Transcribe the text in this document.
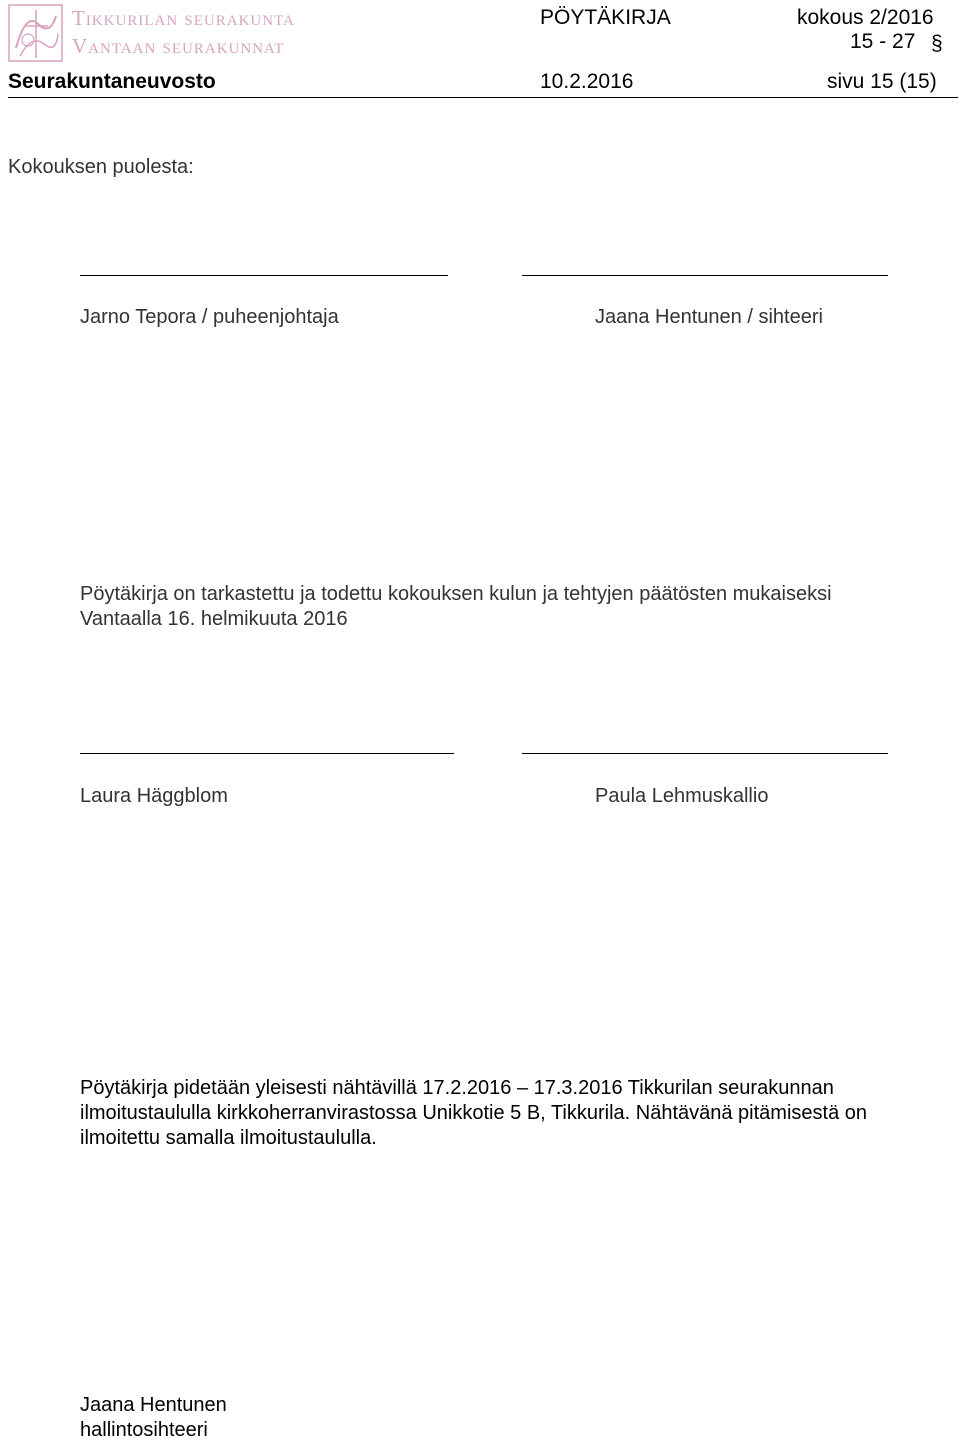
Tikkurilan seurakunta
Vantaan seurakunnat
PÖYTÄKIRJA	kokous 2/2016
15 - 27 §
Seurakuntaneuvosto	10.2.2016	sivu 15 (15)
Kokouksen puolesta:
Jarno Tepora / puheenjohtaja	Jaana Hentunen / sihteeri
Pöytäkirja on tarkastettu ja todettu kokouksen kulun ja tehtyjen päätösten mukaiseksi
Vantaalla 16. helmikuuta 2016
Laura Häggblom	Paula Lehmuskallio
Pöytäkirja pidetään yleisesti nähtävillä 17.2.2016 – 17.3.2016 Tikkurilan seurakunnan ilmoitustaululla kirkkoherranvirastossa Unikkotie 5 B, Tikkurila. Nähtävänä pitämisestä on ilmoitettu samalla ilmoitustaululla.
Jaana Hentunen
hallintosihteeri
